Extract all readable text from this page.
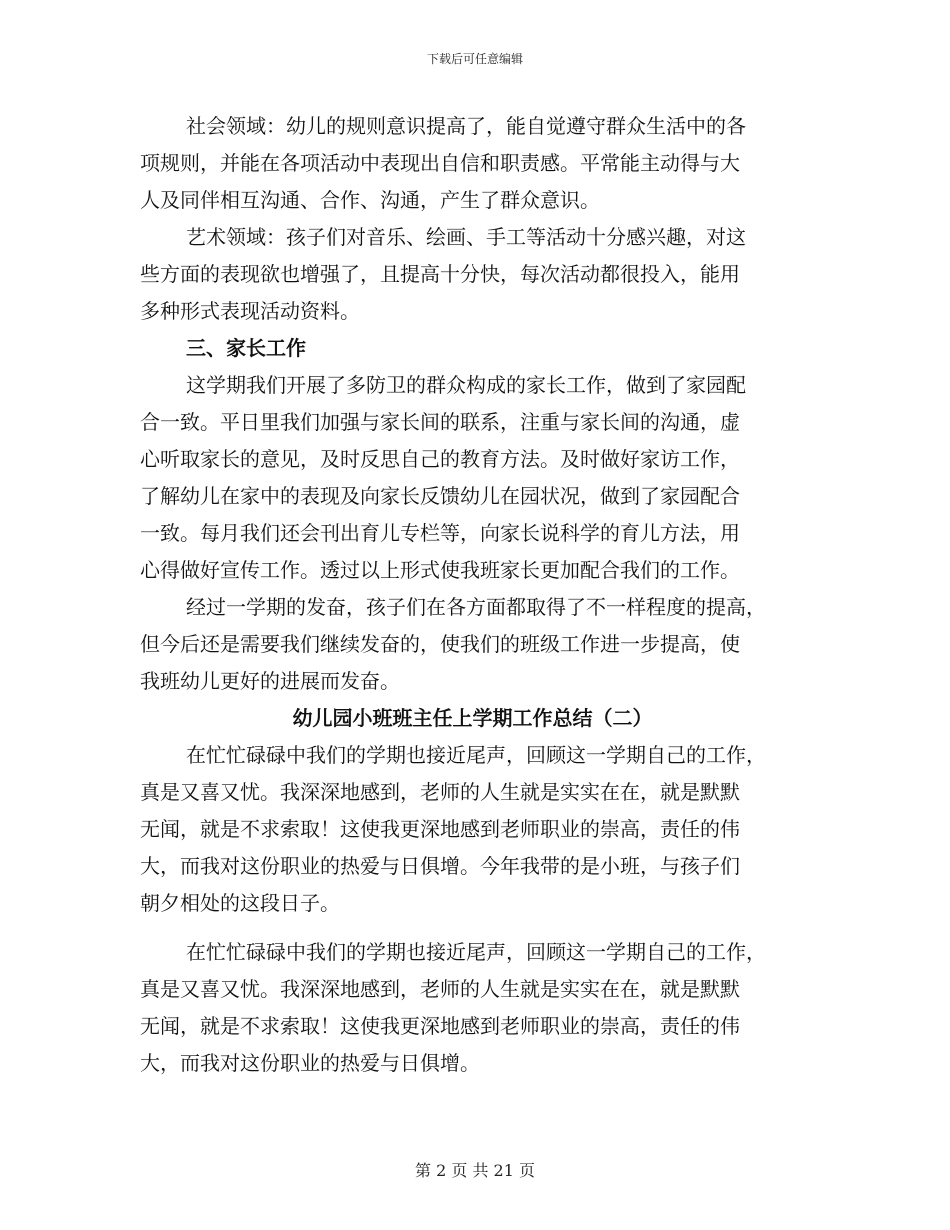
下载后可任意编辑
社会领域：幼儿的规则意识提高了，能自觉遵守群众生活中的各
项规则，并能在各项活动中表现出自信和职责感。平常能主动得与大
人及同伴相互沟通、合作、沟通，产生了群众意识。
艺术领域：孩子们对音乐、绘画、手工等活动十分感兴趣，对这
些方面的表现欲也增强了，且提高十分快，每次活动都很投入，能用
多种形式表现活动资料。
三、家长工作
这学期我们开展了多防卫的群众构成的家长工作，做到了家园配
合一致。平日里我们加强与家长间的联系，注重与家长间的沟通，虚
心听取家长的意见，及时反思自己的教育方法。及时做好家访工作，
了解幼儿在家中的表现及向家长反馈幼儿在园状况，做到了家园配合
一致。每月我们还会刊出育儿专栏等，向家长说科学的育儿方法，用
心得做好宣传工作。透过以上形式使我班家长更加配合我们的工作。
经过一学期的发奋，孩子们在各方面都取得了不一样程度的提高，
但今后还是需要我们继续发奋的，使我们的班级工作进一步提高，使
我班幼儿更好的进展而发奋。
幼儿园小班班主任上学期工作总结（二）
在忙忙碌碌中我们的学期也接近尾声，回顾这一学期自己的工作，
真是又喜又忧。我深深地感到，老师的人生就是实实在在，就是默默
无闻，就是不求索取！这使我更深地感到老师职业的崇高，责任的伟
大，而我对这份职业的热爱与日俱增。今年我带的是小班，与孩子们
朝夕相处的这段日子。
在忙忙碌碌中我们的学期也接近尾声，回顾这一学期自己的工作，
真是又喜又忧。我深深地感到，老师的人生就是实实在在，就是默默
无闻，就是不求索取！这使我更深地感到老师职业的崇高，责任的伟
大，而我对这份职业的热爱与日俱增。
第 2 页 共 21 页
